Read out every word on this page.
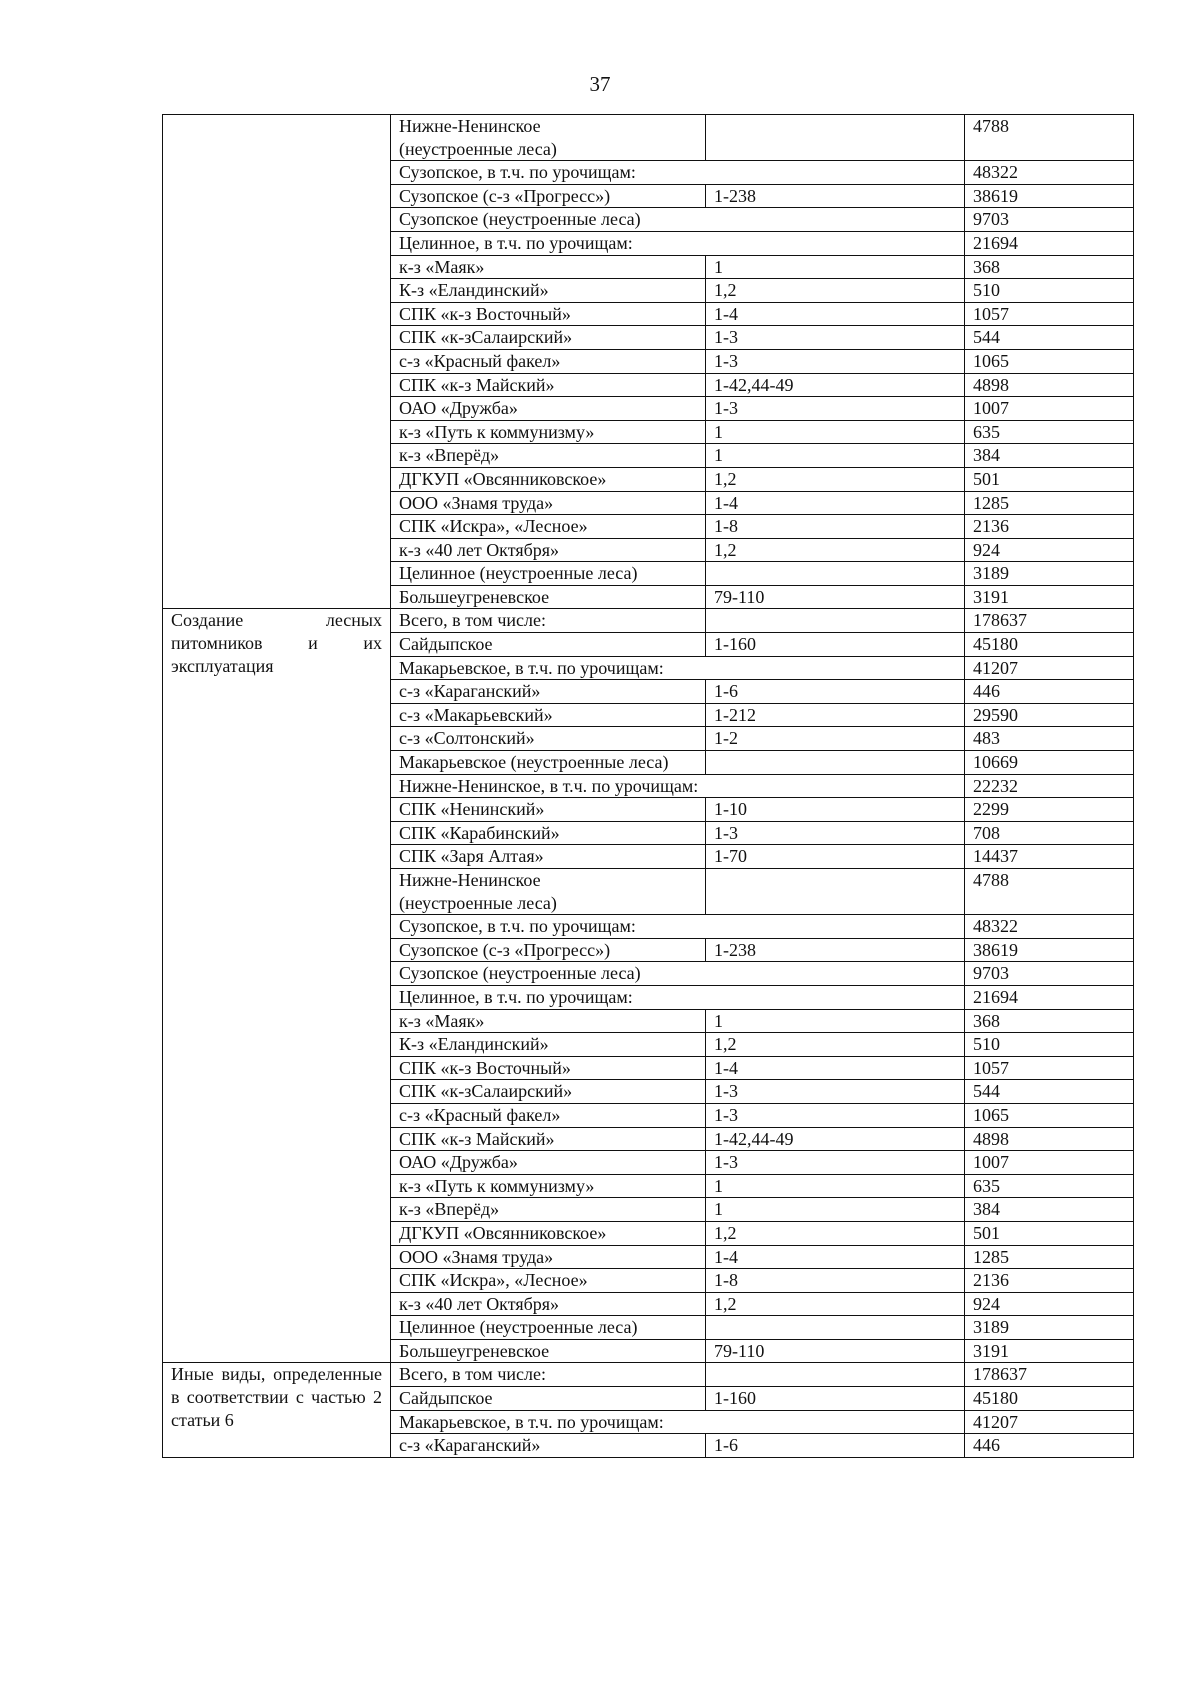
37
	Нижне-Ненинское
(неустроенные леса)		4788
	Сузопское, в т.ч. по урочищам:		48322
	Сузопское (с-з «Прогресс»)	1-238	38619
	Сузопское (неустроенные леса)		9703
	Целинное, в т.ч. по урочищам:		21694
	к-з «Маяк»	1	368
	К-з «Еландинский»	1,2	510
	СПК «к-з Восточный»	1-4	1057
	СПК «к-зСалаирский»	1-3	544
	с-з «Красный факел»	1-3	1065
	СПК «к-з Майский»	1-42,44-49	4898
	ОАО «Дружба»	1-3	1007
	к-з «Путь к коммунизму»	1	635
	к-з «Вперёд»	1	384
	ДГКУП «Овсянниковское»	1,2	501
	ООО «Знамя труда»	1-4	1285
	СПК «Искра», «Лесное»	1-8	2136
	к-з «40 лет Октября»	1,2	924
	Целинное (неустроенные леса)		3189
	Большеугреневское	79-110	3191
Создание лесных питомников и их эксплуатация	Всего, в том числе:		178637
	Сайдыпское	1-160	45180
	Макарьевское, в т.ч. по урочищам:		41207
	с-з «Караганский»	1-6	446
	с-з «Макарьевский»	1-212	29590
	с-з «Солтонский»	1-2	483
	Макарьевское (неустроенные леса)		10669
	Нижне-Ненинское, в т.ч. по урочищам:		22232
	СПК «Ненинский»	1-10	2299
	СПК «Карабинский»	1-3	708
	СПК «Заря Алтая»	1-70	14437
	Нижне-Ненинское
(неустроенные леса)		4788
	Сузопское, в т.ч. по урочищам:		48322
	Сузопское (с-з «Прогресс»)	1-238	38619
	Сузопское (неустроенные леса)		9703
	Целинное, в т.ч. по урочищам:		21694
	к-з «Маяк»	1	368
	К-з «Еландинский»	1,2	510
	СПК «к-з Восточный»	1-4	1057
	СПК «к-зСалаирский»	1-3	544
	с-з «Красный факел»	1-3	1065
	СПК «к-з Майский»	1-42,44-49	4898
	ОАО «Дружба»	1-3	1007
	к-з «Путь к коммунизму»	1	635
	к-з «Вперёд»	1	384
	ДГКУП «Овсянниковское»	1,2	501
	ООО «Знамя труда»	1-4	1285
	СПК «Искра», «Лесное»	1-8	2136
	к-з «40 лет Октября»	1,2	924
	Целинное (неустроенные леса)		3189
	Большеугреневское	79-110	3191
Иные виды, определенные в соответствии с частью 2 статьи 6	Всего, в том числе:		178637
	Сайдыпское	1-160	45180
	Макарьевское, в т.ч. по урочищам:		41207
	с-з «Караганский»	1-6	446
